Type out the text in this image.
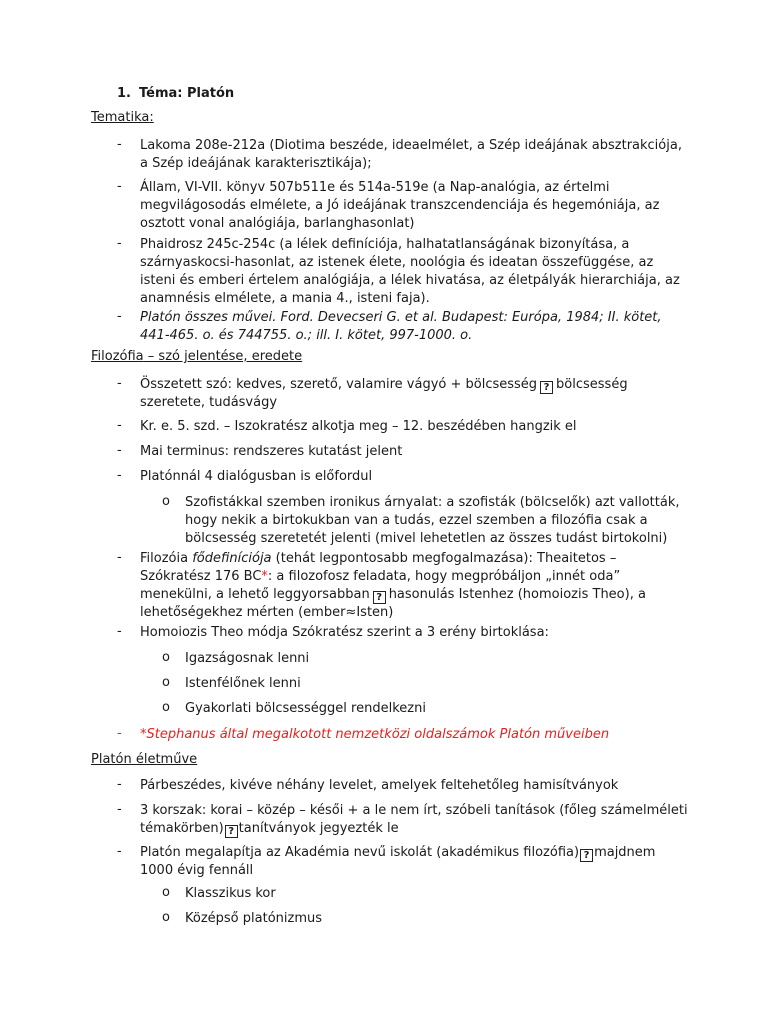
1. Téma: Platón
Tematika:
- Lakoma 208e-212a (Diotima beszéde, ideaelmélet, a Szép ideájának absztrakciója,
a Szép ideájának karakterisztikája);
- Állam, VI-VII. könyv 507b511e és 514a-519e (a Nap-analógia, az értelmi
megvilágosodás elmélete, a Jó ideájának transzcendenciája és hegemóniája, az
osztott vonal analógiája, barlanghasonlat)
- Phaidrosz 245c-254c (a lélek definíciója, halhatatlanságának bizonyítása, a
szárnyaskocsi-hasonlat, az istenek élete, noológia és ideatan összefüggése, az
isteni és emberi értelem analógiája, a lélek hivatása, az életpályák hierarchiája, az
anamnésis elmélete, a mania 4., isteni faja).
- Platón összes művei. Ford. Devecseri G. et al. Budapest: Európa, 1984; II. kötet,
441-465. o. és 744755. o.; ill. I. kötet, 997-1000. o.
Filozófia – szó jelentése, eredete
- Összetett szó: kedves, szerető, valamire vágyó + bölcsesség ? bölcsesség
szeretete, tudásvágy
- Kr. e. 5. szd. – Iszokratész alkotja meg – 12. beszédében hangzik el
- Mai terminus: rendszeres kutatást jelent
- Platónnál 4 dialógusban is előfordul
o Szofistákkal szemben ironikus árnyalat: a szofisták (bölcselők) azt vallották,
hogy nekik a birtokukban van a tudás, ezzel szemben a filozófia csak a
bölcsesség szeretetét jelenti (mivel lehetetlen az összes tudást birtokolni)
- Filozóia fődefiníciója (tehát legpontosabb megfogalmazása): Theaitetos –
Szókratész 176 BC*: a filozofosz feladata, hogy megpróbáljon „innét oda”
menekülni, a lehető leggyorsabban ? hasonulás Istenhez (homoiozis Theo), a
lehetőségekhez mérten (ember≈Isten)
- Homoiozis Theo módja Szókratész szerint a 3 erény birtoklása:
o Igazságosnak lenni
o Istenfélőnek lenni
o Gyakorlati bölcsességgel rendelkezni
- *Stephanus által megalkotott nemzetközi oldalszámok Platón műveiben
Platón életműve
- Párbeszédes, kivéve néhány levelet, amelyek feltehetőleg hamisítványok
- 3 korszak: korai – közép – késői + a le nem írt, szóbeli tanítások (főleg számelméleti
témakörben) ? tanítványok jegyezték le
- Platón megalapítja az Akadémia nevű iskolát (akadémikus filozófia) ? majdnem
1000 évig fennáll
o Klasszikus kor
o Középső platónizmus
